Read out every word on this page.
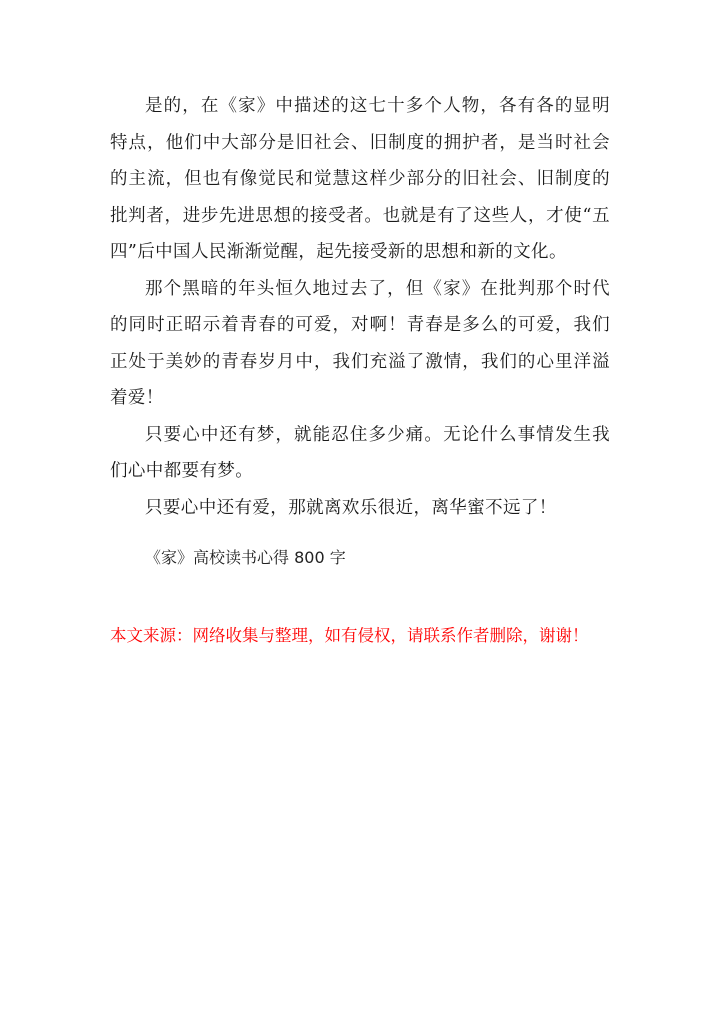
是的，在《家》中描述的这七十多个人物，各有各的显明特点，他们中大部分是旧社会、旧制度的拥护者，是当时社会的主流，但也有像觉民和觉慧这样少部分的旧社会、旧制度的批判者，进步先进思想的接受者。也就是有了这些人，才使“五四”后中国人民渐渐觉醒，起先接受新的思想和新的文化。

那个黑暗的年头恒久地过去了，但《家》在批判那个时代的同时正昭示着青春的可爱，对啊！青春是多么的可爱，我们正处于美妙的青春岁月中，我们充溢了激情，我们的心里洋溢着爱！

只要心中还有梦，就能忍住多少痛。无论什么事情发生我们心中都要有梦。

只要心中还有爱，那就离欢乐很近，离华蜜不远了！

《家》高校读书心得 800 字

本文来源：网络收集与整理，如有侵权，请联系作者删除，谢谢！
